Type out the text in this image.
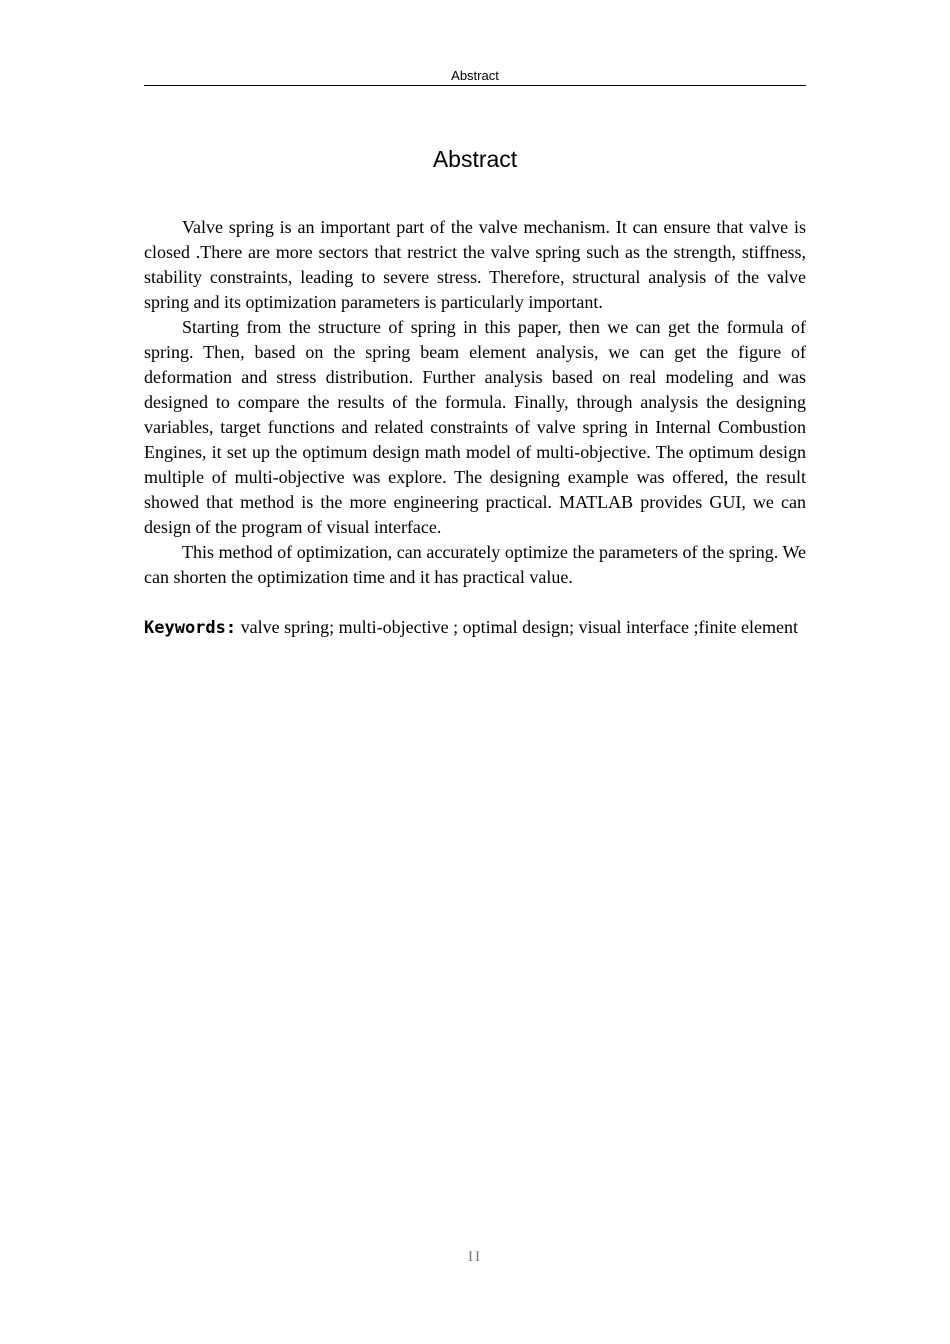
Abstract
Abstract

Valve spring is an important part of the valve mechanism. It can ensure that valve is closed .There are more sectors that restrict the valve spring such as the strength, stiffness, stability constraints, leading to severe stress. Therefore, structural analysis of the valve spring and its optimization parameters is particularly important.

Starting from the structure of spring in this paper, then we can get the formula of spring. Then, based on the spring beam element analysis, we can get the figure of deformation and stress distribution. Further analysis based on real modeling and was designed to compare the results of the formula. Finally, through analysis the designing variables, target functions and related constraints of valve spring in Internal Combustion Engines, it set up the optimum design math model of multi-objective. The optimum design multiple of multi-objective was explore. The designing example was offered, the result showed that method is the more engineering practical. MATLAB provides GUI, we can design of the program of visual interface.

This method of optimization, can accurately optimize the parameters of the spring. We can shorten the optimization time and it has practical value.

Keywords: valve spring; multi-objective ; optimal design; visual interface ;finite element

II
